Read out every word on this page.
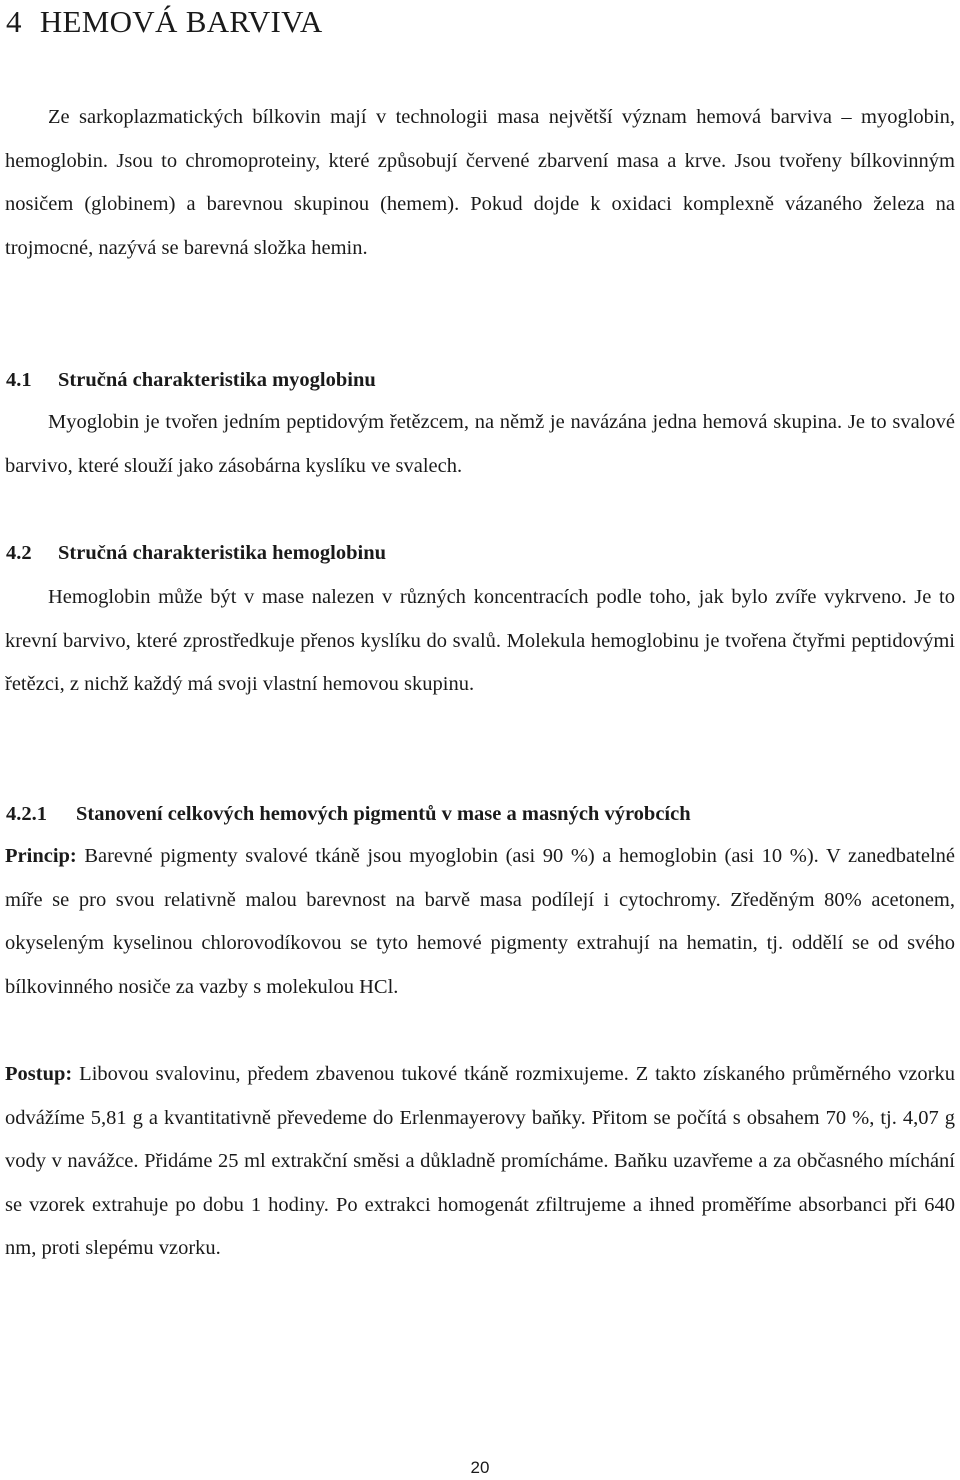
4 HEMOVÁ BARVIVA

Ze sarkoplazmatických bílkovin mají v technologii masa největší význam hemová barviva – myoglobin, hemoglobin. Jsou to chromoproteiny, které způsobují červené zbarvení masa a krve. Jsou tvořeny bílkovinným nosičem (globinem) a barevnou skupinou (hemem). Pokud dojde k oxidaci komplexně vázaného železa na trojmocné, nazývá se barevná složka hemin.

4.1 Stručná charakteristika myoglobinu

Myoglobin je tvořen jedním peptidovým řetězcem, na němž je navázána jedna hemová skupina. Je to svalové barvivo, které slouží jako zásobárna kyslíku ve svalech.

4.2 Stručná charakteristika hemoglobinu

Hemoglobin může být v mase nalezen v různých koncentracích podle toho, jak bylo zvíře vykrveno. Je to krevní barvivo, které zprostředkuje přenos kyslíku do svalů. Molekula hemoglobinu je tvořena čtyřmi peptidovými řetězci, z nichž každý má svoji vlastní hemovou skupinu.

4.2.1 Stanovení celkových hemových pigmentů v mase a masných výrobcích

Princip: Barevné pigmenty svalové tkáně jsou myoglobin (asi 90 %) a hemoglobin (asi 10 %). V zanedbatelné míře se pro svou relativně malou barevnost na barvě masa podílejí i cytochromy. Zředěným 80% acetonem, okyseleným kyselinou chlorovodíkovou se tyto hemové pigmenty extrahují na hematin, tj. oddělí se od svého bílkovinného nosiče za vazby s molekulou HCl.

Postup: Libovou svalovinu, předem zbavenou tukové tkáně rozmixujeme. Z takto získaného průměrného vzorku odvážíme 5,81 g a kvantitativně převedeme do Erlenmayerovy baňky. Přitom se počítá s obsahem 70 %, tj. 4,07 g vody v navážce. Přidáme 25 ml extrakční směsi a důkladně promícháme. Baňku uzavřeme a za občasného míchání se vzorek extrahuje po dobu 1 hodiny. Po extrakci homogenát zfiltrujeme a ihned proměříme absorbanci při 640 nm, proti slepému vzorku.

20
